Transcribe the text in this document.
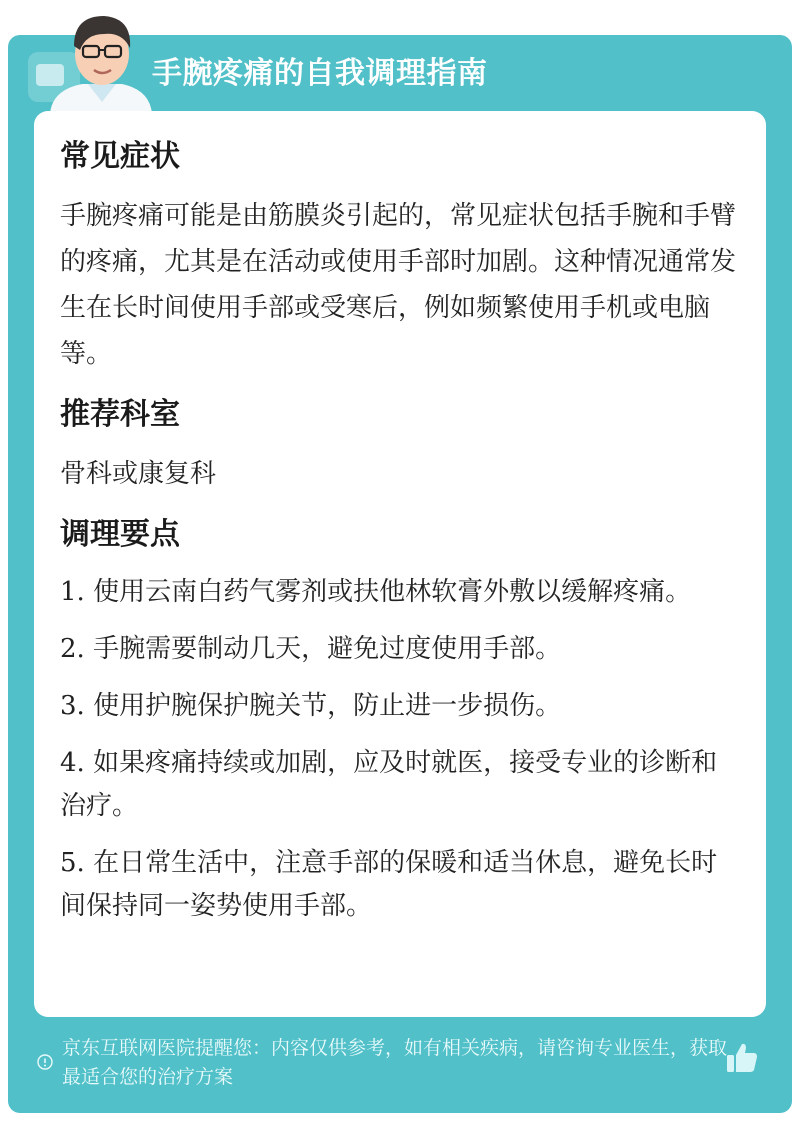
手腕疼痛的自我调理指南
常见症状

手腕疼痛可能是由筋膜炎引起的，常见症状包括手腕和手臂的疼痛，尤其是在活动或使用手部时加剧。这种情况通常发生在长时间使用手部或受寒后，例如频繁使用手机或电脑等。

推荐科室

骨科或康复科

调理要点
1. 使用云南白药气雾剂或扶他林软膏外敷以缓解疼痛。
2. 手腕需要制动几天，避免过度使用手部。
3. 使用护腕保护腕关节，防止进一步损伤。
4. 如果疼痛持续或加剧，应及时就医，接受专业的诊断和治疗。
5. 在日常生活中，注意手部的保暖和适当休息，避免长时间保持同一姿势使用手部。
京东互联网医院提醒您：内容仅供参考，如有相关疾病，请咨询专业医生，获取最适合您的治疗方案
